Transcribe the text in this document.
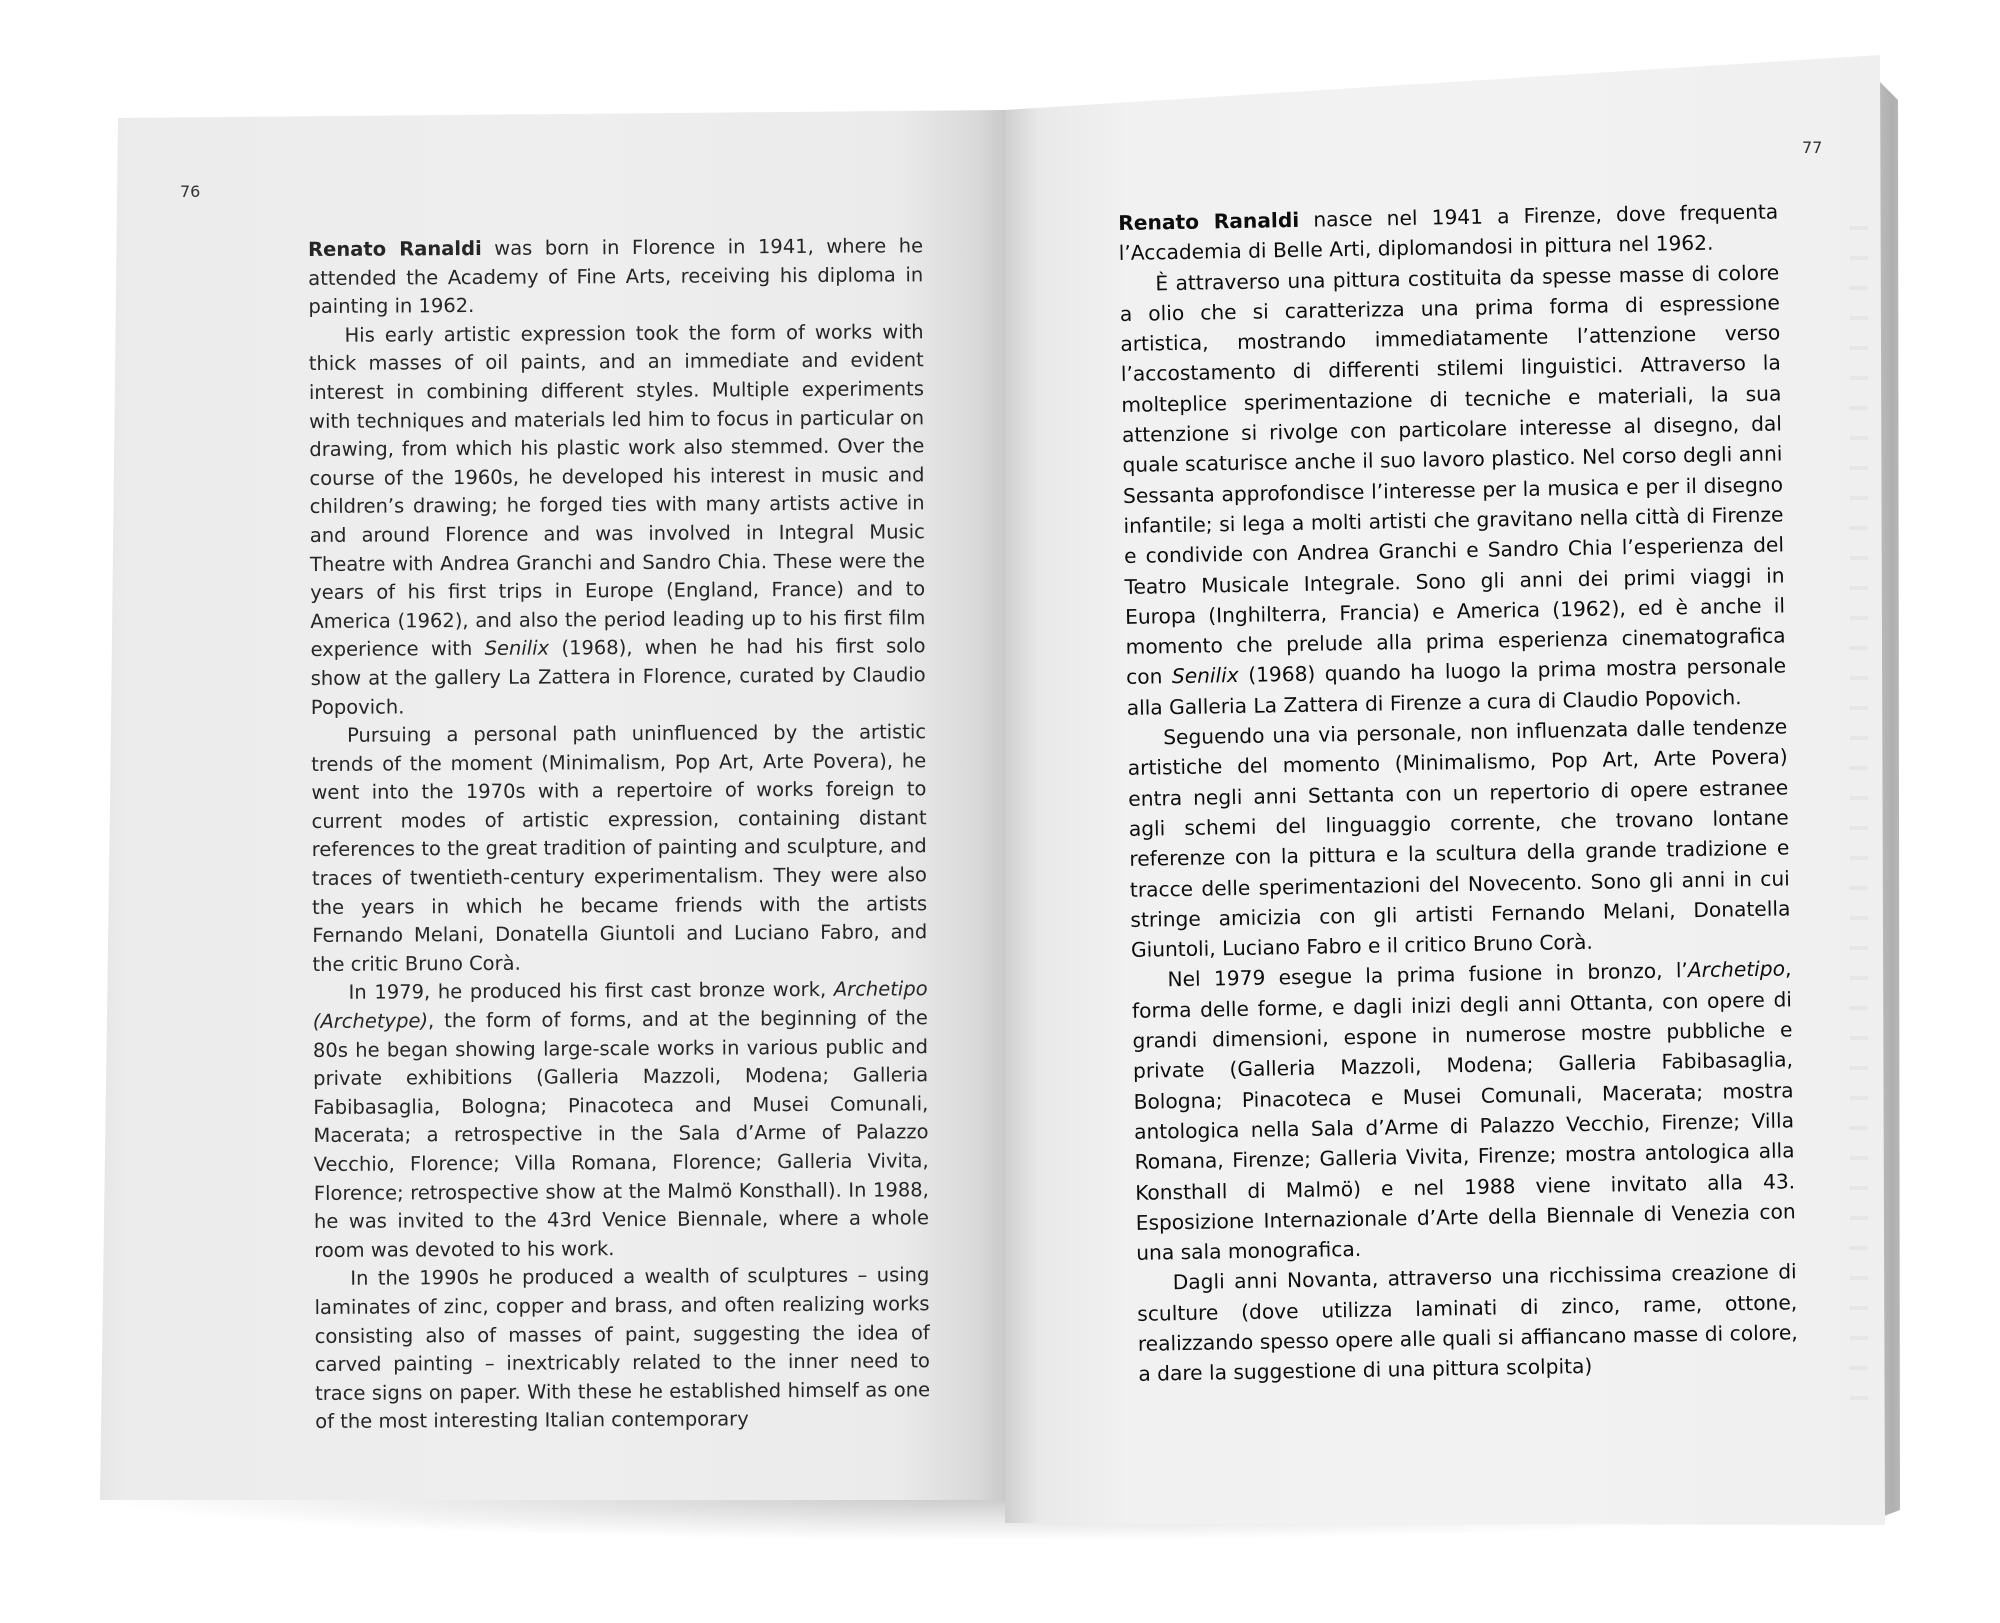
76
77

Renato Ranaldi was born in Florence in 1941, where he attended the Academy of Fine Arts, receiving his diploma in painting in 1962.

His early artistic expression took the form of works with thick masses of oil paints, and an immediate and evident interest in combining different styles. Multiple experiments with techniques and materials led him to focus in particular on drawing, from which his plastic work also stemmed. Over the course of the 1960s, he developed his interest in music and children’s drawing; he forged ties with many artists active in and around Florence and was involved in Integral Music Theatre with Andrea Granchi and Sandro Chia. These were the years of his first trips in Europe (England, France) and to America (1962), and also the period leading up to his first film experience with Senilix (1968), when he had his first solo show at the gallery La Zattera in Florence, curated by Claudio Popovich.

Pursuing a personal path uninfluenced by the artistic trends of the moment (Minimalism, Pop Art, Arte Povera), he went into the 1970s with a repertoire of works foreign to current modes of artistic expression, containing distant references to the great tradition of painting and sculpture, and traces of twentieth-century experimentalism. They were also the years in which he became friends with the artists Fernando Melani, Donatella Giuntoli and Luciano Fabro, and the critic Bruno Corà.

In 1979, he produced his first cast bronze work, Archetipo (Archetype), the form of forms, and at the beginning of the 80s he began showing large-scale works in various public and private exhibitions (Galleria Mazzoli, Modena; Galleria Fabibasaglia, Bologna; Pinacoteca and Musei Comunali, Macerata; a retrospective in the Sala d’Arme of Palazzo Vecchio, Florence; Villa Romana, Florence; Galleria Vivita, Florence; retrospective show at the Malmö Konsthall). In 1988, he was invited to the 43rd Venice Biennale, where a whole room was devoted to his work.

In the 1990s he produced a wealth of sculptures – using laminates of zinc, copper and brass, and often realizing works consisting also of masses of paint, suggesting the idea of carved painting – inextricably related to the inner need to trace signs on paper. With these he established himself as one of the most interesting Italian contemporary

Renato Ranaldi nasce nel 1941 a Firenze, dove frequenta l’Accademia di Belle Arti, diplomandosi in pittura nel 1962.

È attraverso una pittura costituita da spesse masse di colore a olio che si caratterizza una prima forma di espressione artistica, mostrando immediatamente l’attenzione verso l’accostamento di differenti stilemi linguistici. Attraverso la molteplice sperimentazione di tecniche e materiali, la sua attenzione si rivolge con particolare interesse al disegno, dal quale scaturisce anche il suo lavoro plastico. Nel corso degli anni Sessanta approfondisce l’interesse per la musica e per il disegno infantile; si lega a molti artisti che gravitano nella città di Firenze e condivide con Andrea Granchi e Sandro Chia l’esperienza del Teatro Musicale Integrale. Sono gli anni dei primi viaggi in Europa (Inghilterra, Francia) e America (1962), ed è anche il momento che prelude alla prima esperienza cinematografica con Senilix (1968) quando ha luogo la prima mostra personale alla Galleria La Zattera di Firenze a cura di Claudio Popovich.

Seguendo una via personale, non influenzata dalle tendenze artistiche del momento (Minimalismo, Pop Art, Arte Povera) entra negli anni Settanta con un repertorio di opere estranee agli schemi del linguaggio corrente, che trovano lontane referenze con la pittura e la scultura della grande tradizione e tracce delle sperimentazioni del Novecento. Sono gli anni in cui stringe amicizia con gli artisti Fernando Melani, Donatella Giuntoli, Luciano Fabro e il critico Bruno Corà.

Nel 1979 esegue la prima fusione in bronzo, l’Archetipo, forma delle forme, e dagli inizi degli anni Ottanta, con opere di grandi dimensioni, espone in numerose mostre pubbliche e private (Galleria Mazzoli, Modena; Galleria Fabibasaglia, Bologna; Pinacoteca e Musei Comunali, Macerata; mostra antologica nella Sala d’Arme di Palazzo Vecchio, Firenze; Villa Romana, Firenze; Galleria Vivita, Firenze; mostra antologica alla Konsthall di Malmö) e nel 1988 viene invitato alla 43. Esposizione Internazionale d’Arte della Biennale di Venezia con una sala monografica.

Dagli anni Novanta, attraverso una ricchissima creazione di sculture (dove utilizza laminati di zinco, rame, ottone, realizzando spesso opere alle quali si affiancano masse di colore, a dare la suggestione di una pittura scolpita)
